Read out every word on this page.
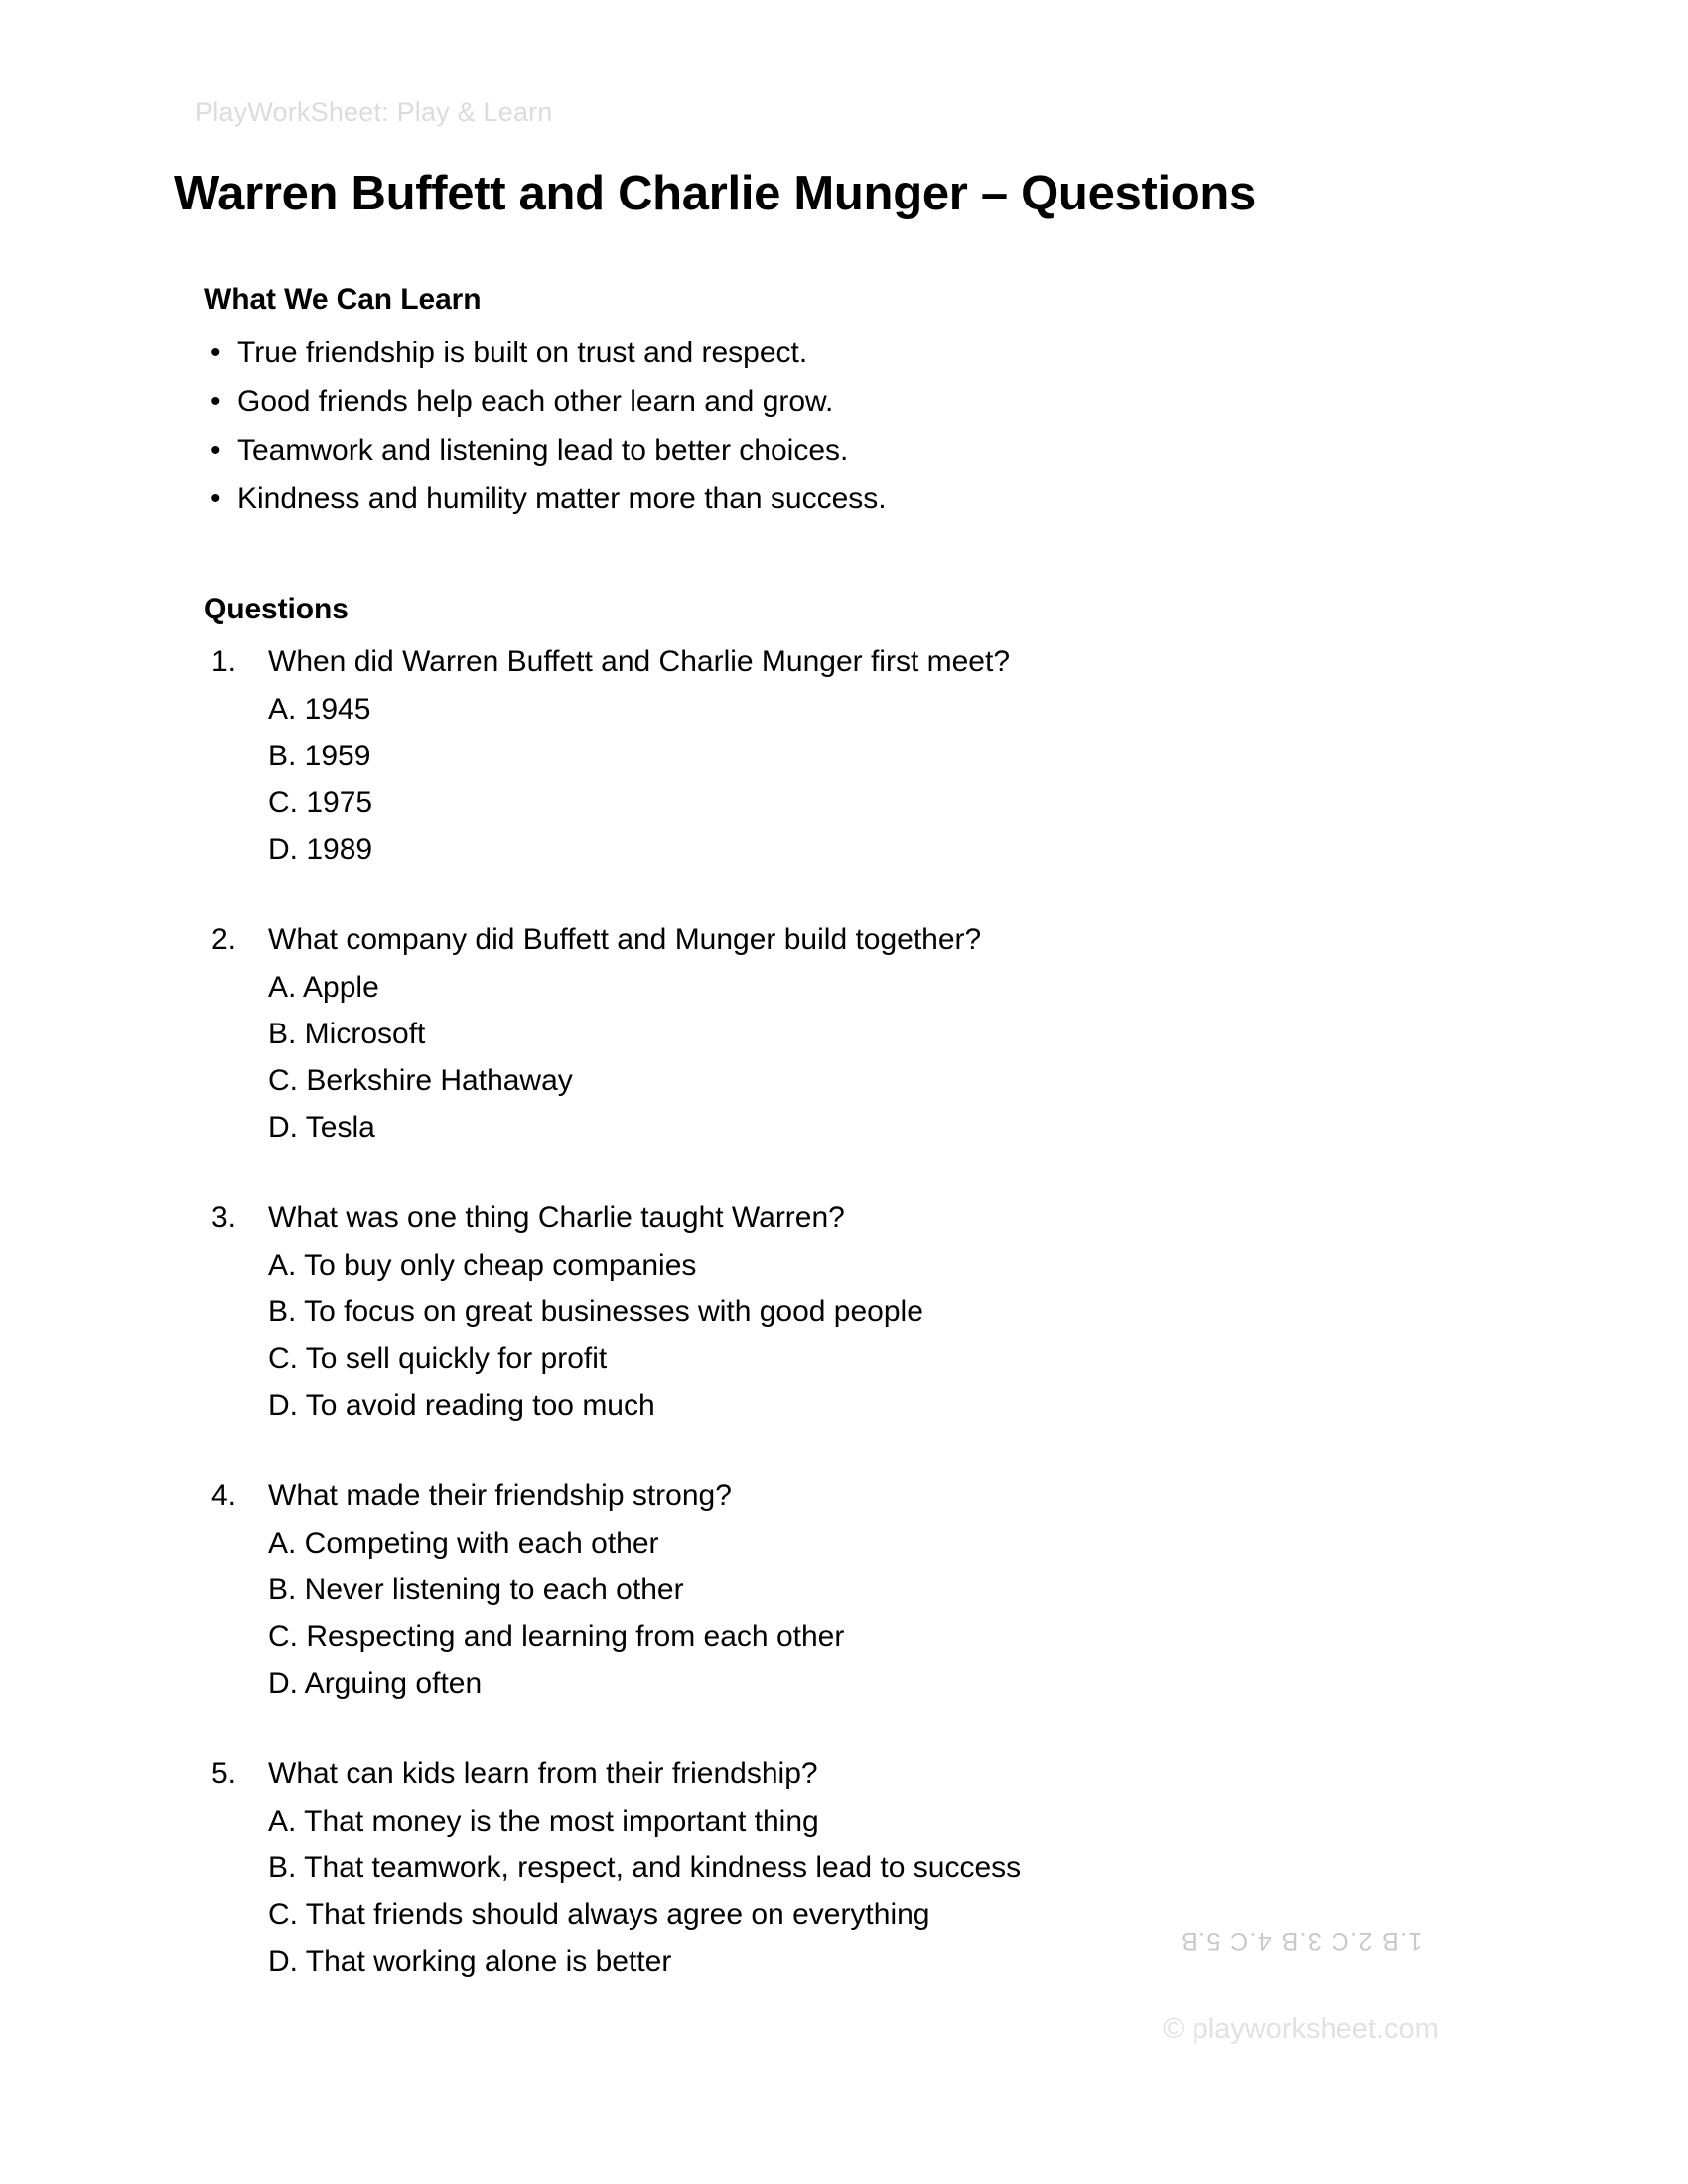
PlayWorkSheet: Play & Learn
Warren Buffett and Charlie Munger – Questions
What We Can Learn
• True friendship is built on trust and respect.
• Good friends help each other learn and grow.
• Teamwork and listening lead to better choices.
• Kindness and humility matter more than success.
Questions
1.	When did Warren Buffett and Charlie Munger first meet?
A. 1945
B. 1959
C. 1975
D. 1989
2.	What company did Buffett and Munger build together?
A. Apple
B. Microsoft
C. Berkshire Hathaway
D. Tesla
3.	What was one thing Charlie taught Warren?
A. To buy only cheap companies
B. To focus on great businesses with good people
C. To sell quickly for profit
D. To avoid reading too much
4.	What made their friendship strong?
A. Competing with each other
B. Never listening to each other
C. Respecting and learning from each other
D. Arguing often
5.	What can kids learn from their friendship?
A. That money is the most important thing
B. That teamwork, respect, and kindness lead to success
C. That friends should always agree on everything
D. That working alone is better
1.B 2.C 3.B 4.C 5.B
© playworksheet.com
